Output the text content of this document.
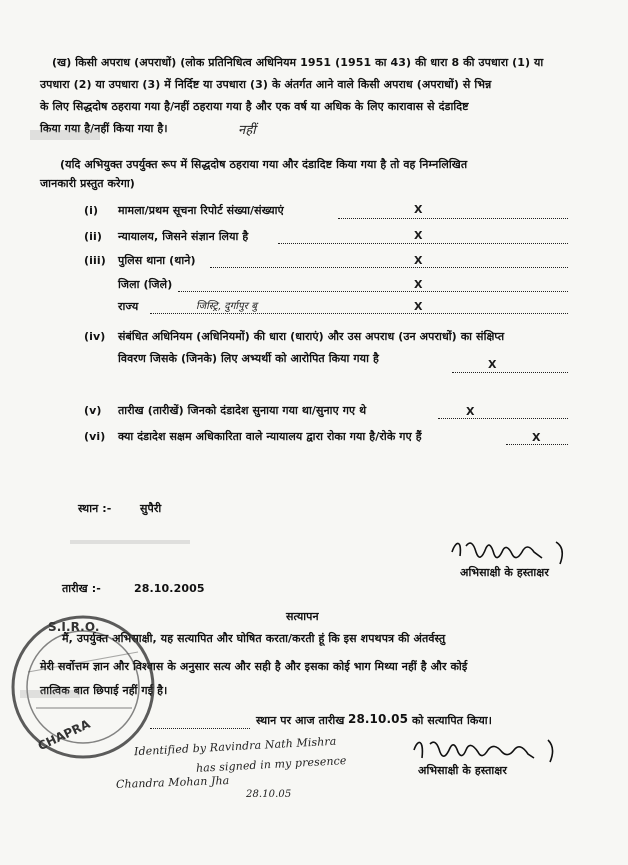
(ख) किसी अपराध (अपराधों) (लोक प्रतिनिधित्व अधिनियम 1951 (1951 का 43) की धारा 8 की उपधारा (1) या
उपधारा (2) या उपधारा (3) में निर्दिष्ट या उपधारा (3) के अंतर्गत आने वाले किसी अपराध (अपराधों) से भिन्न
के लिए सिद्धदोष ठहराया गया है/नहीं ठहराया गया है और एक वर्ष या अधिक के लिए कारावास से दंडादिष्ट
किया गया है/नहीं किया गया है।	नहीं
(यदि अभियुक्त उपर्युक्त रूप में सिद्धदोष ठहराया गया और दंडादिष्ट किया गया है तो वह निम्नलिखित
जानकारी प्रस्तुत करेगा)
(i) मामला/प्रथम सूचना रिपोर्ट संख्या/संख्याएं	X
(ii) न्यायालय, जिसने संज्ञान लिया है	X
(iii) पुलिस थाना (थाने)	X
जिला (जिले)	X
राज्य	जिस्ट्रि, दुर्गापुर बु	X
(iv) संबंधित अधिनियम (अधिनियमों) की धारा (धाराएं) और उस अपराध (उन अपराधों) का संक्षिप्त
विवरण जिसके (जिनके) लिए अभ्यर्थी को आरोपित किया गया है	X
(v) तारीख (तारीखें) जिनको दंडादेश सुनाया गया था/सुनाए गए थे	X
(vi) क्या दंडादेश सक्षम अधिकारिता वाले न्यायालय द्वारा रोका गया है/रोके गए हैं	X
स्थान :-	सुपैरी
अभिसाक्षी के हस्ताक्षर
तारीख :-	28.10.2005
सत्यापन
मैं, उपर्युक्त अभिसाक्षी, यह सत्यापित और घोषित करता/करती हूं कि इस शपथपत्र की अंतर्वस्तु
मेरी सर्वोत्तम ज्ञान और विश्वास के अनुसार सत्य और सही है और इसका कोई भाग मिथ्या नहीं है और कोई
तात्विक बात छिपाई नहीं गई है।
स्थान पर आज तारीख 28.10.05 को सत्यापित किया।
अभिसाक्षी के हस्ताक्षर
S.I.R.O.
CHAPRA	Identified by Ravindra Nath Mishra
has signed in my presence
Chandra Mohan Jha
28.10.05
